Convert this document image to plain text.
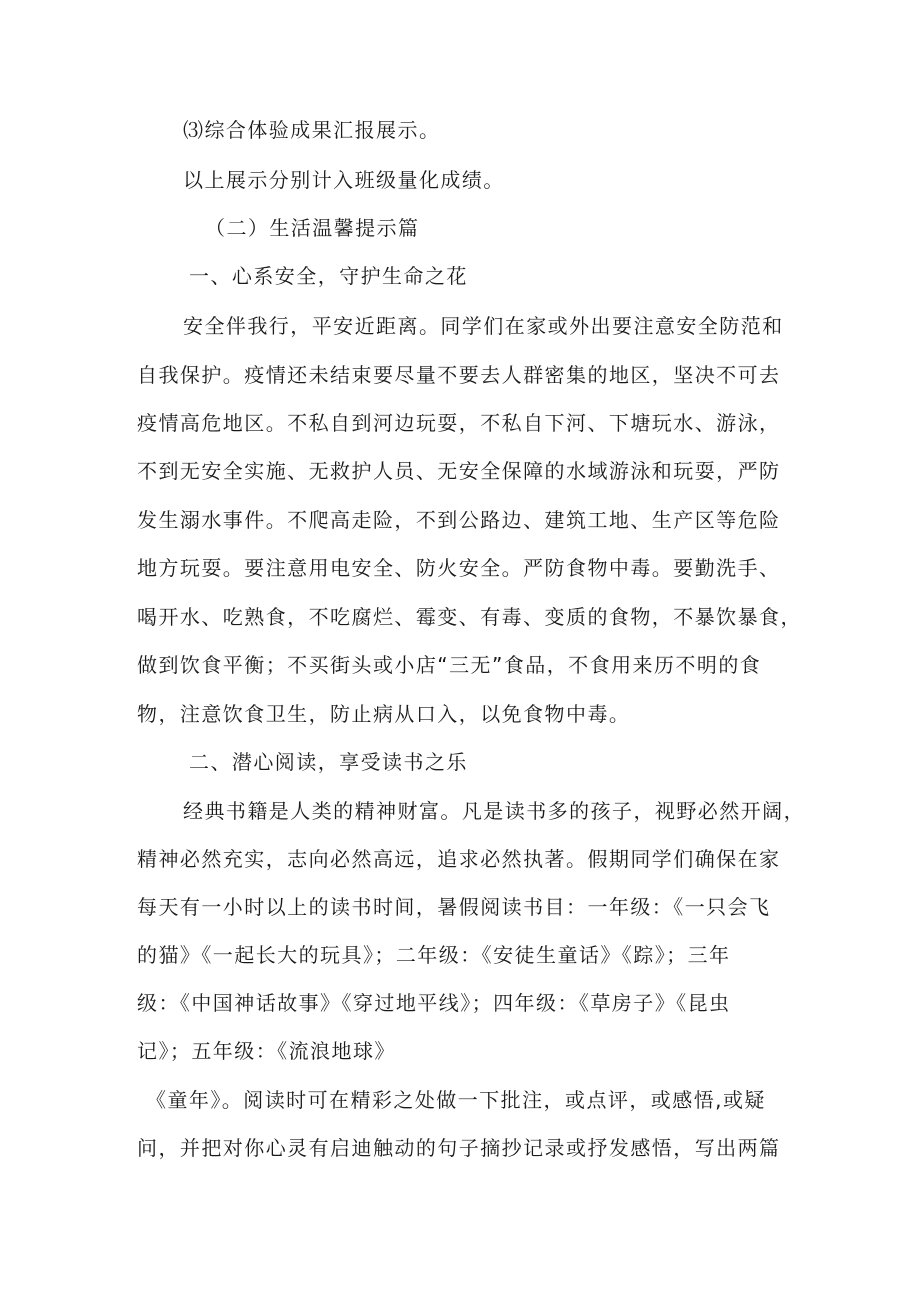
⑶综合体验成果汇报展示。
以上展示分别计入班级量化成绩。
（二）生活温馨提示篇
一、心系安全，守护生命之花
安全伴我行，平安近距离。同学们在家或外出要注意安全防范和
自我保护。疫情还未结束要尽量不要去人群密集的地区，坚决不可去
疫情高危地区。不私自到河边玩耍，不私自下河、下塘玩水、游泳，
不到无安全实施、无救护人员、无安全保障的水域游泳和玩耍，严防
发生溺水事件。不爬高走险，不到公路边、建筑工地、生产区等危险
地方玩耍。要注意用电安全、防火安全。严防食物中毒。要勤洗手、
喝开水、吃熟食，不吃腐烂、霉变、有毒、变质的食物，不暴饮暴食，
做到饮食平衡；不买街头或小店“三无”食品，不食用来历不明的食
物，注意饮食卫生，防止病从口入，以免食物中毒。
二、潜心阅读，享受读书之乐
经典书籍是人类的精神财富。凡是读书多的孩子，视野必然开阔，
精神必然充实，志向必然高远，追求必然执著。假期同学们确保在家
每天有一小时以上的读书时间，暑假阅读书目：一年级：《一只会飞
的猫》《一起长大的玩具》；二年级：《安徒生童话》《踪》；三年
级：《中国神话故事》《穿过地平线》；四年级：《草房子》《昆虫
记》；五年级：《流浪地球》
《童年》。阅读时可在精彩之处做一下批注，或点评，或感悟,或疑
问，并把对你心灵有启迪触动的句子摘抄记录或抒发感悟，写出两篇
